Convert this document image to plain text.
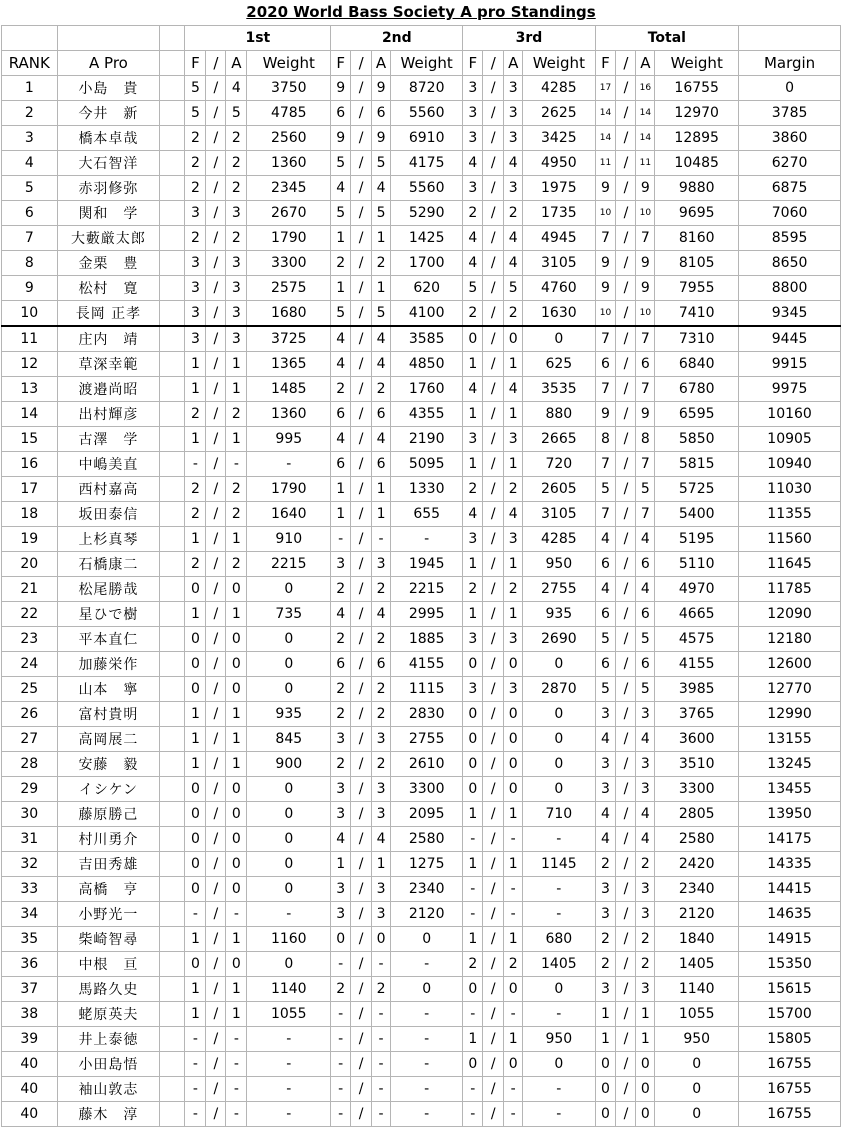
2020 World Bass Society A pro Standings
			1st				2nd				3rd				Total				
RANK	A Pro		F	/	A	Weight	F	/	A	Weight	F	/	A	Weight	F	/	A	Weight	Margin
1	小島　貴		5	/	4	3750	9	/	9	8720	3	/	3	4285	17	/	16	16755	0
2	今井　新		5	/	5	4785	6	/	6	5560	3	/	3	2625	14	/	14	12970	3785
3	橋本卓哉		2	/	2	2560	9	/	9	6910	3	/	3	3425	14	/	14	12895	3860
4	大石智洋		2	/	2	1360	5	/	5	4175	4	/	4	4950	11	/	11	10485	6270
5	赤羽修弥		2	/	2	2345	4	/	4	5560	3	/	3	1975	9	/	9	9880	6875
6	関和　学		3	/	3	2670	5	/	5	5290	2	/	2	1735	10	/	10	9695	7060
7	大藪厳太郎		2	/	2	1790	1	/	1	1425	4	/	4	4945	7	/	7	8160	8595
8	金栗　豊		3	/	3	3300	2	/	2	1700	4	/	4	3105	9	/	9	8105	8650
9	松村　寛		3	/	3	2575	1	/	1	620	5	/	5	4760	9	/	9	7955	8800
10	長岡 正孝		3	/	3	1680	5	/	5	4100	2	/	2	1630	10	/	10	7410	9345
11	庄内　靖		3	/	3	3725	4	/	4	3585	0	/	0	0	7	/	7	7310	9445
12	草深幸範		1	/	1	1365	4	/	4	4850	1	/	1	625	6	/	6	6840	9915
13	渡邉尚昭		1	/	1	1485	2	/	2	1760	4	/	4	3535	7	/	7	6780	9975
14	出村輝彦		2	/	2	1360	6	/	6	4355	1	/	1	880	9	/	9	6595	10160
15	古澤　学		1	/	1	995	4	/	4	2190	3	/	3	2665	8	/	8	5850	10905
16	中嶋美直		-	/	-	-	6	/	6	5095	1	/	1	720	7	/	7	5815	10940
17	西村嘉高		2	/	2	1790	1	/	1	1330	2	/	2	2605	5	/	5	5725	11030
18	坂田泰信		2	/	2	1640	1	/	1	655	4	/	4	3105	7	/	7	5400	11355
19	上杉真琴		1	/	1	910	-	/	-	-	3	/	3	4285	4	/	4	5195	11560
20	石橋康二		2	/	2	2215	3	/	3	1945	1	/	1	950	6	/	6	5110	11645
21	松尾勝哉		0	/	0	0	2	/	2	2215	2	/	2	2755	4	/	4	4970	11785
22	星ひで樹		1	/	1	735	4	/	4	2995	1	/	1	935	6	/	6	4665	12090
23	平本直仁		0	/	0	0	2	/	2	1885	3	/	3	2690	5	/	5	4575	12180
24	加藤栄作		0	/	0	0	6	/	6	4155	0	/	0	0	6	/	6	4155	12600
25	山本　寧		0	/	0	0	2	/	2	1115	3	/	3	2870	5	/	5	3985	12770
26	富村貴明		1	/	1	935	2	/	2	2830	0	/	0	0	3	/	3	3765	12990
27	高岡展二		1	/	1	845	3	/	3	2755	0	/	0	0	4	/	4	3600	13155
28	安藤　毅		1	/	1	900	2	/	2	2610	0	/	0	0	3	/	3	3510	13245
29	イシケン		0	/	0	0	3	/	3	3300	0	/	0	0	3	/	3	3300	13455
30	藤原勝己		0	/	0	0	3	/	3	2095	1	/	1	710	4	/	4	2805	13950
31	村川勇介		0	/	0	0	4	/	4	2580	-	/	-	-	4	/	4	2580	14175
32	吉田秀雄		0	/	0	0	1	/	1	1275	1	/	1	1145	2	/	2	2420	14335
33	高橋　亨		0	/	0	0	3	/	3	2340	-	/	-	-	3	/	3	2340	14415
34	小野光一		-	/	-	-	3	/	3	2120	-	/	-	-	3	/	3	2120	14635
35	柴崎智尋		1	/	1	1160	0	/	0	0	1	/	1	680	2	/	2	1840	14915
36	中根　亘		0	/	0	0	-	/	-	-	2	/	2	1405	2	/	2	1405	15350
37	馬路久史		1	/	1	1140	2	/	2	0	0	/	0	0	3	/	3	1140	15615
38	蛯原英夫		1	/	1	1055	-	/	-	-	-	/	-	-	1	/	1	1055	15700
39	井上泰徳		-	/	-	-	-	/	-	-	1	/	1	950	1	/	1	950	15805
40	小田島悟		-	/	-	-	-	/	-	-	0	/	0	0	0	/	0	0	16755
40	袖山敦志		-	/	-	-	-	/	-	-	-	/	-	-	0	/	0	0	16755
40	藤木　淳		-	/	-	-	-	/	-	-	-	/	-	-	0	/	0	0	16755
